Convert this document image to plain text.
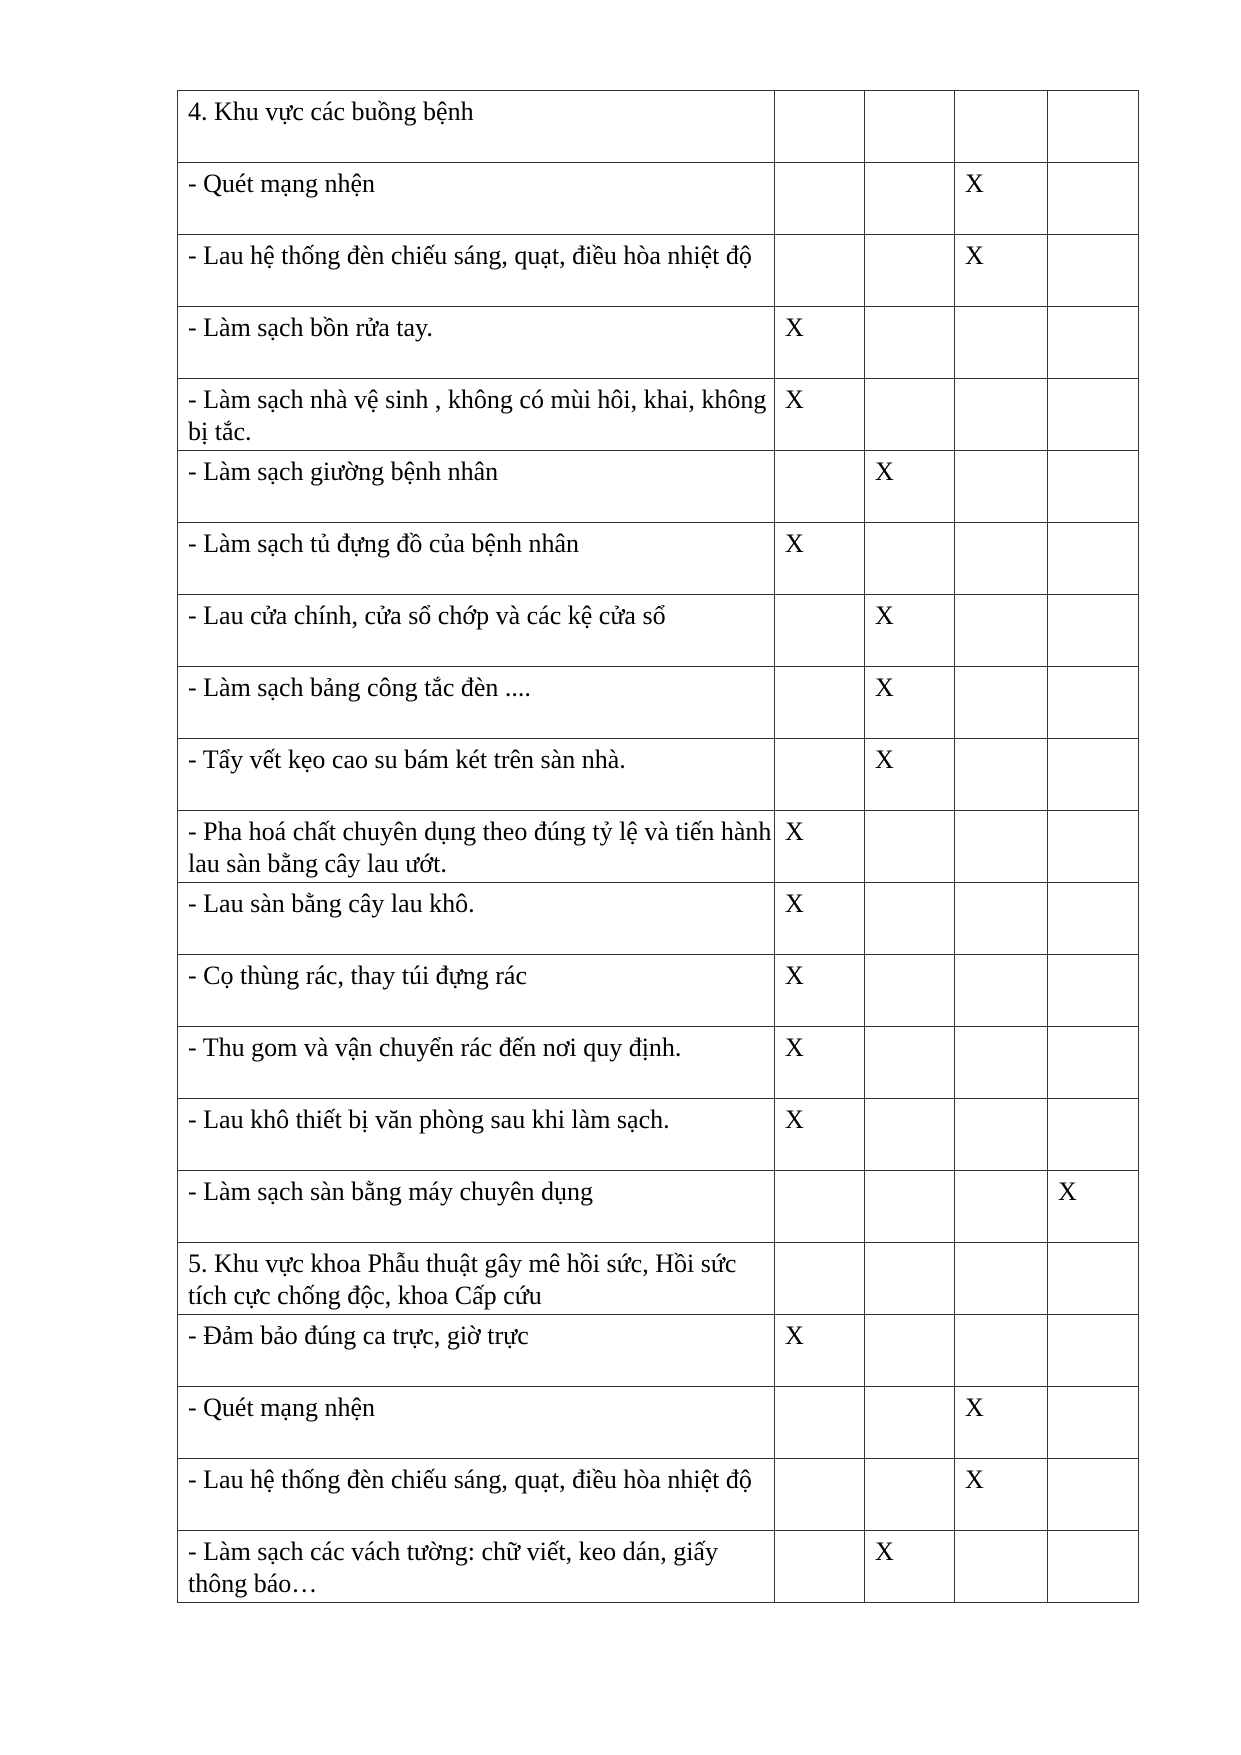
4. Khu vực các buồng bệnh				
- Quét mạng nhện			X	
- Lau hệ thống đèn chiếu sáng, quạt, điều hòa nhiệt độ			X	
- Làm sạch bồn rửa tay.	X			
- Làm sạch nhà vệ sinh , không có mùi hôi, khai, không bị tắc.	X			
- Làm sạch giường bệnh nhân		X		
- Làm sạch tủ đựng đồ của bệnh nhân	X			
- Lau cửa chính, cửa sổ chớp và các kệ cửa sổ		X		
- Làm sạch bảng công tắc đèn ....		X		
- Tẩy vết kẹo cao su bám két trên sàn nhà.		X		
- Pha hoá chất chuyên dụng theo đúng tỷ lệ và tiến hành lau sàn bằng cây lau ướt.	X			
- Lau sàn bằng cây lau khô.	X			
- Cọ thùng rác, thay túi đựng rác	X			
- Thu gom và vận chuyển rác đến nơi quy định.	X			
- Lau khô thiết bị văn phòng sau khi làm sạch.	X			
- Làm sạch sàn bằng máy chuyên dụng				X
5. Khu vực khoa Phẫu thuật gây mê hồi sức, Hồi sức tích cực chống độc, khoa Cấp cứu				
- Đảm bảo đúng ca trực, giờ trực	X			
- Quét mạng nhện			X	
- Lau hệ thống đèn chiếu sáng, quạt, điều hòa nhiệt độ			X	
- Làm sạch các vách tường: chữ viết, keo dán, giấy thông báo…		X		
